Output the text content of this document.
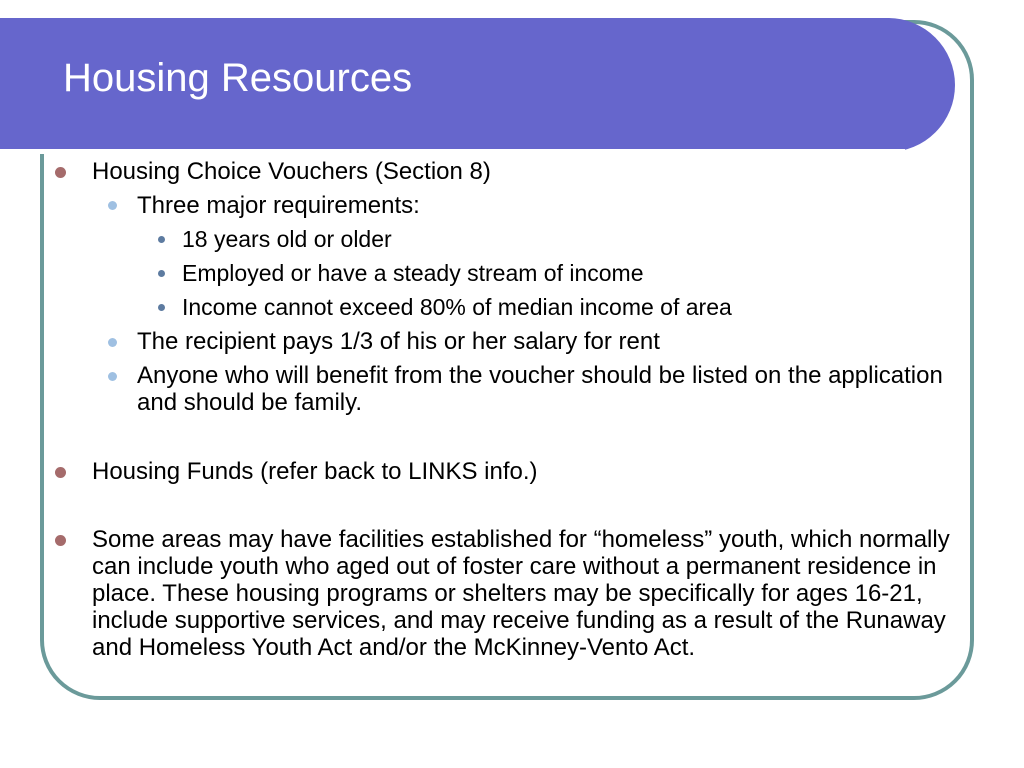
Housing Resources
Housing Choice Vouchers (Section 8)
Three major requirements:
18 years old or older
Employed or have a steady stream of income
Income cannot exceed 80% of median income of area
The recipient pays 1/3 of his or her salary for rent
Anyone who will benefit from the voucher should be listed on the application and should be family.
Housing Funds (refer back to LINKS info.)
Some areas may have facilities established for “homeless” youth, which normally can include youth who aged out of foster care without a permanent residence in place. These housing programs or shelters may be specifically for ages 16-21, include supportive services, and may receive funding as a result of the Runaway and Homeless Youth Act and/or the McKinney-Vento Act.
